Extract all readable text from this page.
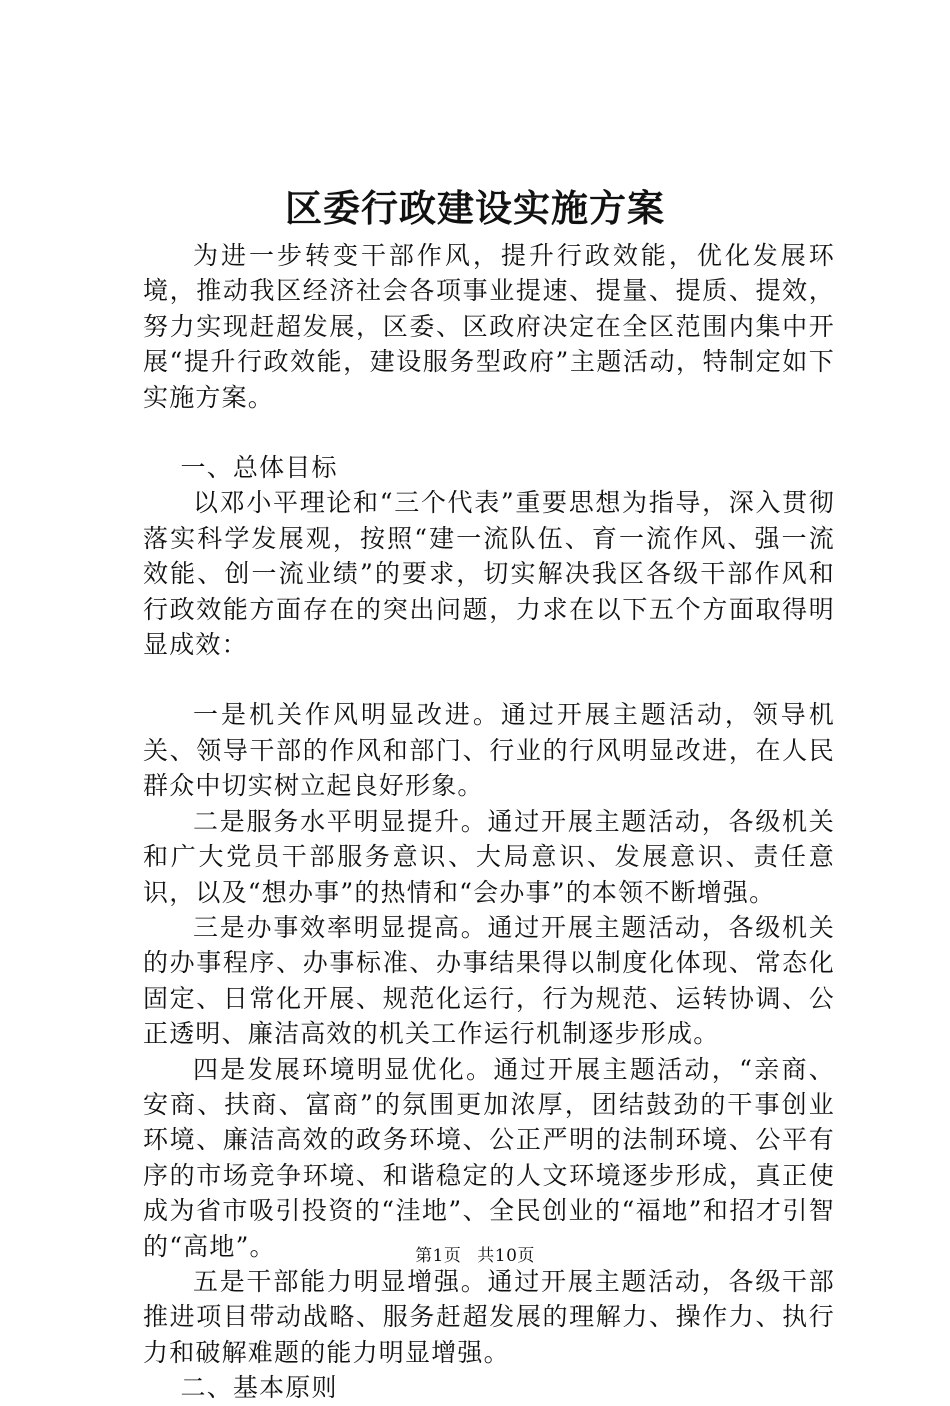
区委行政建设实施方案

为进一步转变干部作风，提升行政效能，优化发展环境，推动我区经济社会各项事业提速、提量、提质、提效，努力实现赶超发展，区委、区政府决定在全区范围内集中开展“提升行政效能，建设服务型政府”主题活动，特制定如下实施方案。

一、总体目标

以邓小平理论和“三个代表”重要思想为指导，深入贯彻落实科学发展观，按照“建一流队伍、育一流作风、强一流效能、创一流业绩”的要求，切实解决我区各级干部作风和行政效能方面存在的突出问题，力求在以下五个方面取得明显成效：

一是机关作风明显改进。通过开展主题活动，领导机关、领导干部的作风和部门、行业的行风明显改进，在人民群众中切实树立起良好形象。

二是服务水平明显提升。通过开展主题活动，各级机关和广大党员干部服务意识、大局意识、发展意识、责任意识，以及“想办事”的热情和“会办事”的本领不断增强。

三是办事效率明显提高。通过开展主题活动，各级机关的办事程序、办事标准、办事结果得以制度化体现、常态化固定、日常化开展、规范化运行，行为规范、运转协调、公正透明、廉洁高效的机关工作运行机制逐步形成。

四是发展环境明显优化。通过开展主题活动，“亲商、安商、扶商、富商”的氛围更加浓厚，团结鼓劲的干事创业环境、廉洁高效的政务环境、公正严明的法制环境、公平有序的市场竞争环境、和谐稳定的人文环境逐步形成，真正使成为省市吸引投资的“洼地”、全民创业的“福地”和招才引智的“高地”。

五是干部能力明显增强。通过开展主题活动，各级干部推进项目带动战略、服务赶超发展的理解力、操作力、执行力和破解难题的能力明显增强。

二、基本原则

第1页 共10页
